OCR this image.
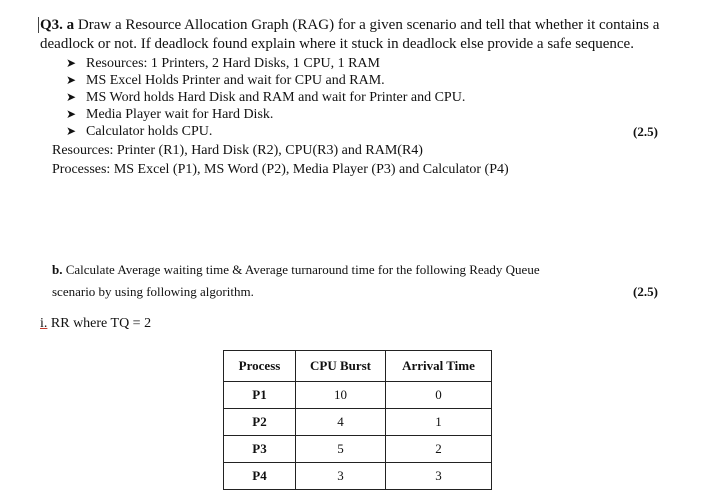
Q3. a Draw a Resource Allocation Graph (RAG) for a given scenario and tell that whether it contains a
deadlock or not. If deadlock found explain where it stuck in deadlock else provide a safe sequence.
➤ Resources: 1 Printers, 2 Hard Disks, 1 CPU, 1 RAM
➤ MS Excel Holds Printer and wait for CPU and RAM.
➤ MS Word holds Hard Disk and RAM and wait for Printer and CPU.
➤ Media Player wait for Hard Disk.
➤ Calculator holds CPU.	(2.5)
Resources: Printer (R1), Hard Disk (R2), CPU(R3) and RAM(R4)
Processes: MS Excel (P1), MS Word (P2), Media Player (P3) and Calculator (P4)
b. Calculate Average waiting time & Average turnaround time for the following Ready Queue
scenario by using following algorithm.	(2.5)
i. RR where TQ = 2
Process	CPU Burst	Arrival Time
P1	10	0
P2	4	1
P3	5	2
P4	3	3
